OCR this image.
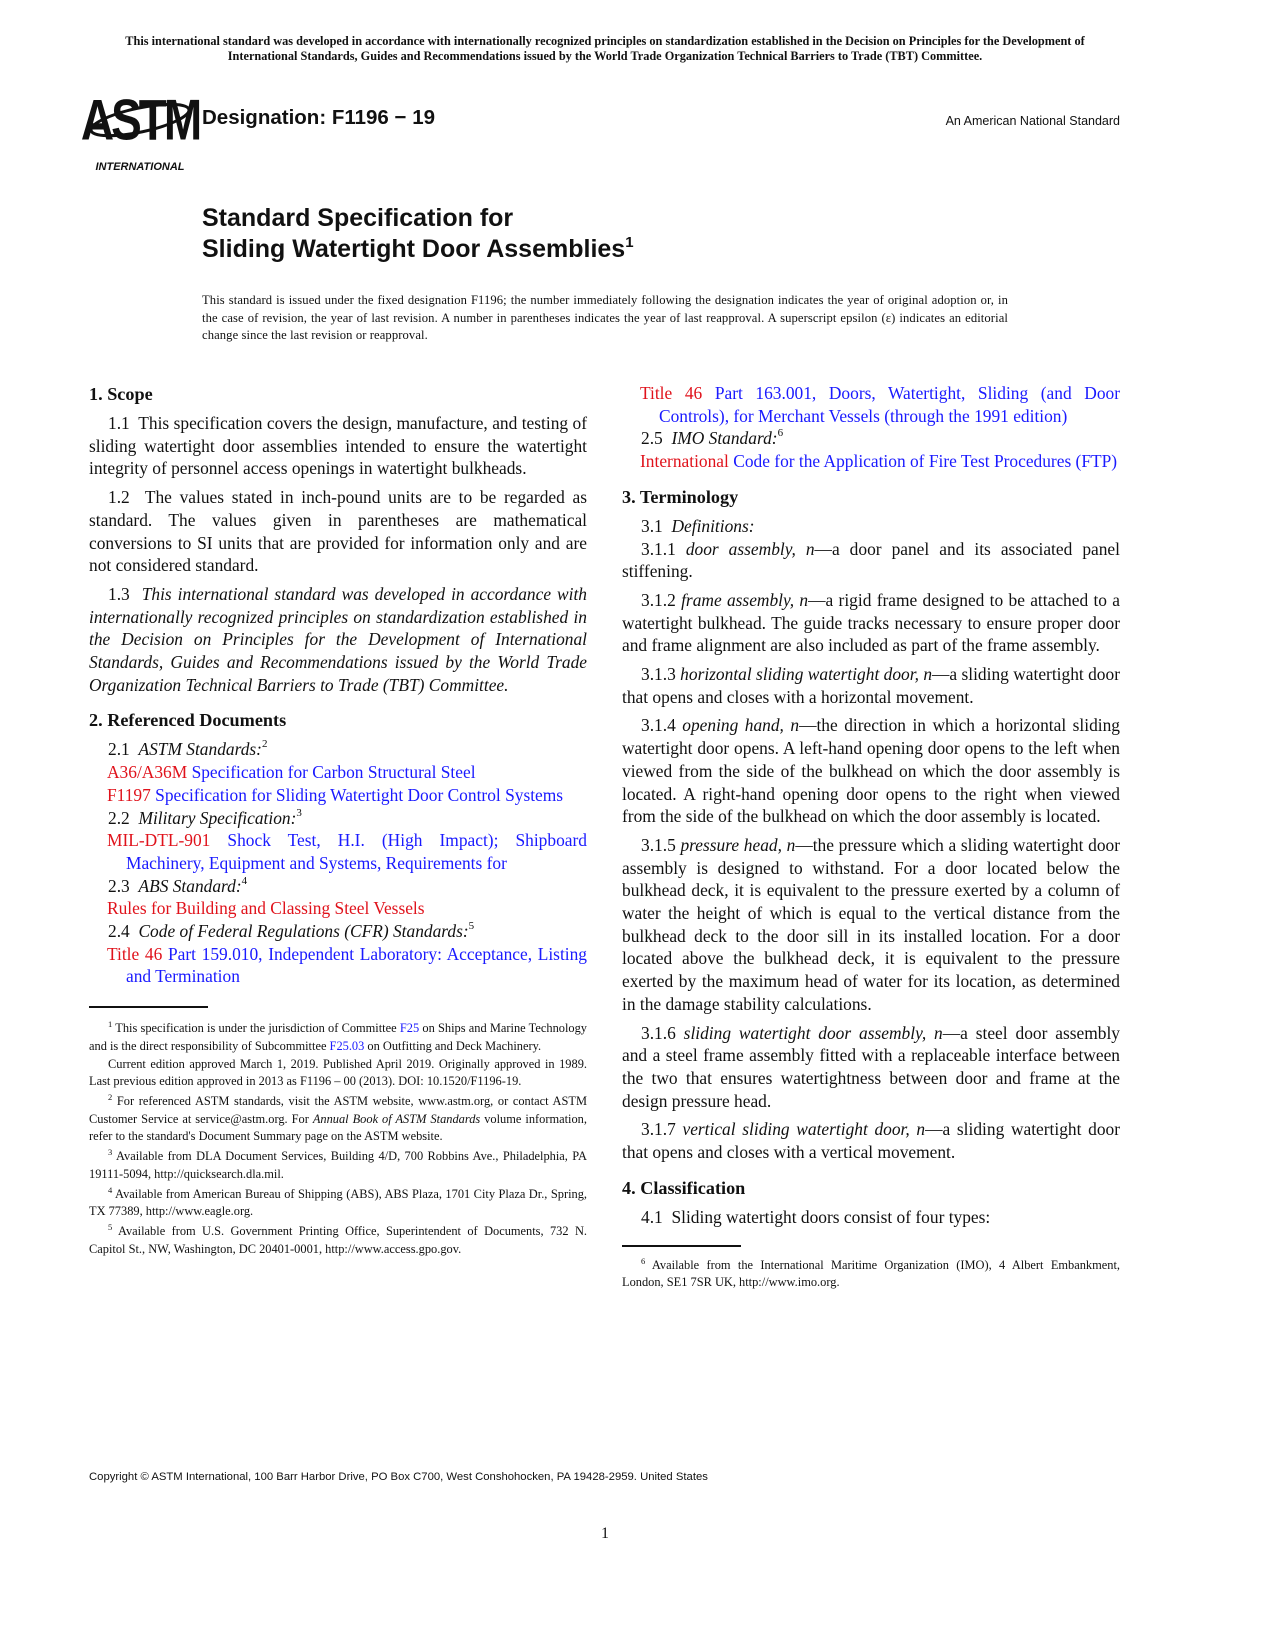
This international standard was developed in accordance with internationally recognized principles on standardization established in the Decision on Principles for the Development of International Standards, Guides and Recommendations issued by the World Trade Organization Technical Barriers to Trade (TBT) Committee.
ASTM
INTERNATIONAL
Designation: F1196 − 19	An American National Standard
Standard Specification for
Sliding Watertight Door Assemblies$^1$
This standard is issued under the fixed designation F1196; the number immediately following the designation indicates the year of original adoption or, in the case of revision, the year of last revision. A number in parentheses indicates the year of last reapproval. A superscript epsilon (ε) indicates an editorial change since the last revision or reapproval.
1. Scope

1.1 This specification covers the design, manufacture, and testing of sliding watertight door assemblies intended to ensure the watertight integrity of personnel access openings in watertight bulkheads.

1.2 The values stated in inch-pound units are to be regarded as standard. The values given in parentheses are mathematical conversions to SI units that are provided for information only and are not considered standard.

1.3 This international standard was developed in accordance with internationally recognized principles on standardization established in the Decision on Principles for the Development of International Standards, Guides and Recommendations issued by the World Trade Organization Technical Barriers to Trade (TBT) Committee.

2. Referenced Documents

2.1 ASTM Standards:$^2$

A36/A36M Specification for Carbon Structural Steel

F1197 Specification for Sliding Watertight Door Control Systems

2.2 Military Specification:$^3$

MIL-DTL-901 Shock Test, H.I. (High Impact); Shipboard Machinery, Equipment and Systems, Requirements for

2.3 ABS Standard:$^4$

Rules for Building and Classing Steel Vessels

2.4 Code of Federal Regulations (CFR) Standards:$^5$

Title 46 Part 159.010, Independent Laboratory: Acceptance, Listing and Termination

$^1$ This specification is under the jurisdiction of Committee F25 on Ships and Marine Technology and is the direct responsibility of Subcommittee F25.03 on Outfitting and Deck Machinery.

Current edition approved March 1, 2019. Published April 2019. Originally approved in 1989. Last previous edition approved in 2013 as F1196 – 00 (2013). DOI: 10.1520/F1196-19.

$^2$ For referenced ASTM standards, visit the ASTM website, www.astm.org, or contact ASTM Customer Service at service@astm.org. For Annual Book of ASTM Standards volume information, refer to the standard's Document Summary page on the ASTM website.

$^3$ Available from DLA Document Services, Building 4/D, 700 Robbins Ave., Philadelphia, PA 19111-5094, http://quicksearch.dla.mil.

$^4$ Available from American Bureau of Shipping (ABS), ABS Plaza, 1701 City Plaza Dr., Spring, TX 77389, http://www.eagle.org.

$^5$ Available from U.S. Government Printing Office, Superintendent of Documents, 732 N. Capitol St., NW, Washington, DC 20401-0001, http://www.access.gpo.gov.

Title 46 Part 163.001, Doors, Watertight, Sliding (and Door Controls), for Merchant Vessels (through the 1991 edition)

2.5 IMO Standard:$^6$

International Code for the Application of Fire Test Procedures (FTP)

3. Terminology

3.1 Definitions:

3.1.1 door assembly, n—a door panel and its associated panel stiffening.

3.1.2 frame assembly, n—a rigid frame designed to be attached to a watertight bulkhead. The guide tracks necessary to ensure proper door and frame alignment are also included as part of the frame assembly.

3.1.3 horizontal sliding watertight door, n—a sliding watertight door that opens and closes with a horizontal movement.

3.1.4 opening hand, n—the direction in which a horizontal sliding watertight door opens. A left-hand opening door opens to the left when viewed from the side of the bulkhead on which the door assembly is located. A right-hand opening door opens to the right when viewed from the side of the bulkhead on which the door assembly is located.

3.1.5 pressure head, n—the pressure which a sliding watertight door assembly is designed to withstand. For a door located below the bulkhead deck, it is equivalent to the pressure exerted by a column of water the height of which is equal to the vertical distance from the bulkhead deck to the door sill in its installed location. For a door located above the bulkhead deck, it is equivalent to the pressure exerted by the maximum head of water for its location, as determined in the damage stability calculations.

3.1.6 sliding watertight door assembly, n—a steel door assembly and a steel frame assembly fitted with a replaceable interface between the two that ensures watertightness between door and frame at the design pressure head.

3.1.7 vertical sliding watertight door, n—a sliding watertight door that opens and closes with a vertical movement.

4. Classification

4.1 Sliding watertight doors consist of four types:

$^6$ Available from the International Maritime Organization (IMO), 4 Albert Embankment, London, SE1 7SR UK, http://www.imo.org.

Copyright © ASTM International, 100 Barr Harbor Drive, PO Box C700, West Conshohocken, PA 19428-2959. United States
1
